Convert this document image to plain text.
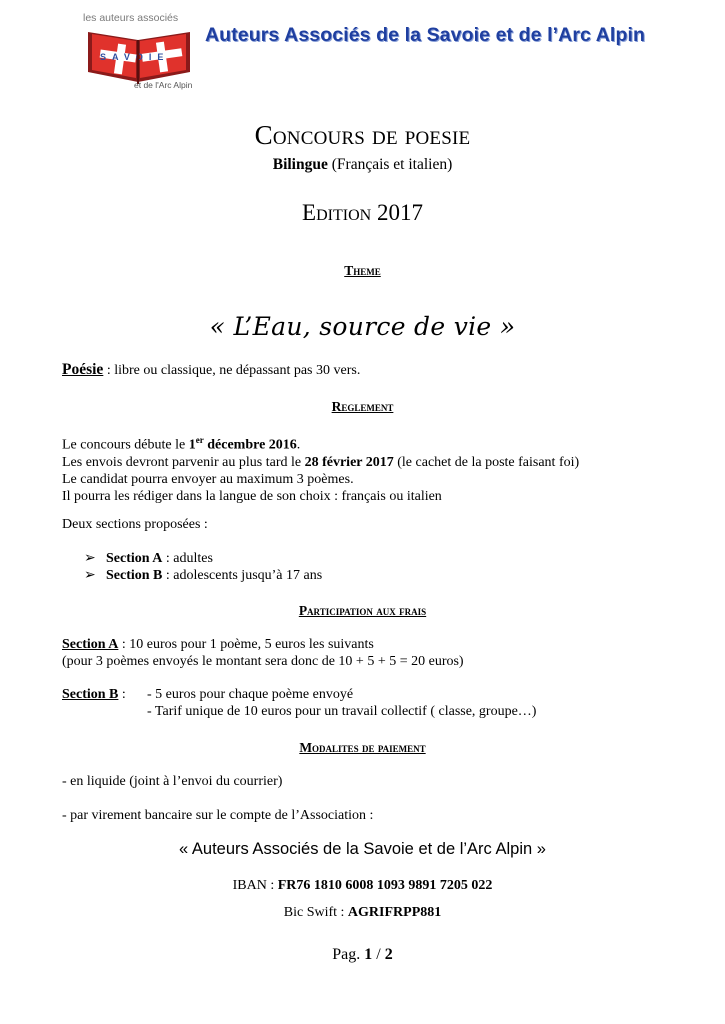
les auteurs associés
SAVOIE
et de l'Arc Alpin
Auteurs Associés de la Savoie et de l’Arc Alpin
Concours de poesie
Bilingue (Français et italien)
Edition 2017
Theme
« L’Eau, source de vie »
Poésie : libre ou classique, ne dépassant pas 30 vers.
Reglement
Le concours débute le 1er décembre 2016.
Les envois devront parvenir au plus tard le 28 février 2017 (le cachet de la poste faisant foi)
Le candidat pourra envoyer au maximum 3 poèmes.
Il pourra les rédiger dans la langue de son choix : français ou italien
Deux sections proposées :
➢ Section A : adultes
➢ Section B : adolescents jusqu’à 17 ans
Participation aux frais
Section A : 10 euros pour 1 poème, 5 euros les suivants
(pour 3 poèmes envoyés le montant sera donc de 10 + 5 + 5 = 20 euros)
Section B : - 5 euros pour chaque poème envoyé
- Tarif unique de 10 euros pour un travail collectif ( classe, groupe…)
Modalites de paiement
- en liquide (joint à l’envoi du courrier)
- par virement bancaire sur le compte de l’Association :
« Auteurs Associés de la Savoie et de l’Arc Alpin »
IBAN : FR76 1810 6008 1093 9891 7205 022
Bic Swift : AGRIFRPP881
Pag. 1 / 2
